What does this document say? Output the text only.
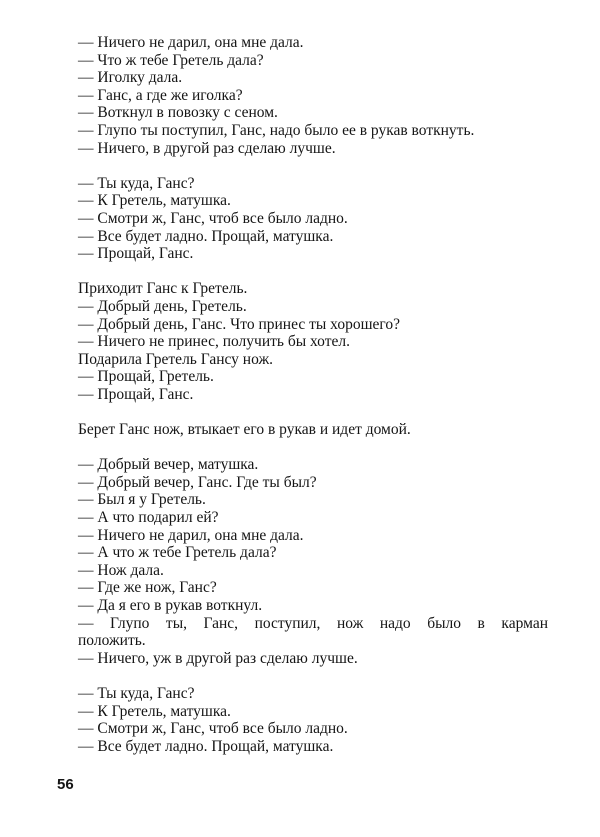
— Ничего не дарил, она мне дала.
— Что ж тебе Гретель дала?
— Иголку дала.
— Ганс, а где же иголка?
— Воткнул в повозку с сеном.
— Глупо ты поступил, Ганс, надо было ее в рукав воткнуть.
— Ничего, в другой раз сделаю лучше.
— Ты куда, Ганс?
— К Гретель, матушка.
— Смотри ж, Ганс, чтоб все было ладно.
— Все будет ладно. Прощай, матушка.
— Прощай, Ганс.
Приходит Ганс к Гретель.
— Добрый день, Гретель.
— Добрый день, Ганс. Что принес ты хорошего?
— Ничего не принес, получить бы хотел.
Подарила Гретель Гансу нож.
— Прощай, Гретель.
— Прощай, Ганс.
Берет Ганс нож, втыкает его в рукав и идет домой.
— Добрый вечер, матушка.
— Добрый вечер, Ганс. Где ты был?
— Был я у Гретель.
— А что подарил ей?
— Ничего не дарил, она мне дала.
— А что ж тебе Гретель дала?
— Нож дала.
— Где же нож, Ганс?
— Да я его в рукав воткнул.
— Глупо ты, Ганс, поступил, нож надо было в карман
положить.
— Ничего, уж в другой раз сделаю лучше.
— Ты куда, Ганс?
— К Гретель, матушка.
— Смотри ж, Ганс, чтоб все было ладно.
— Все будет ладно. Прощай, матушка.
56
